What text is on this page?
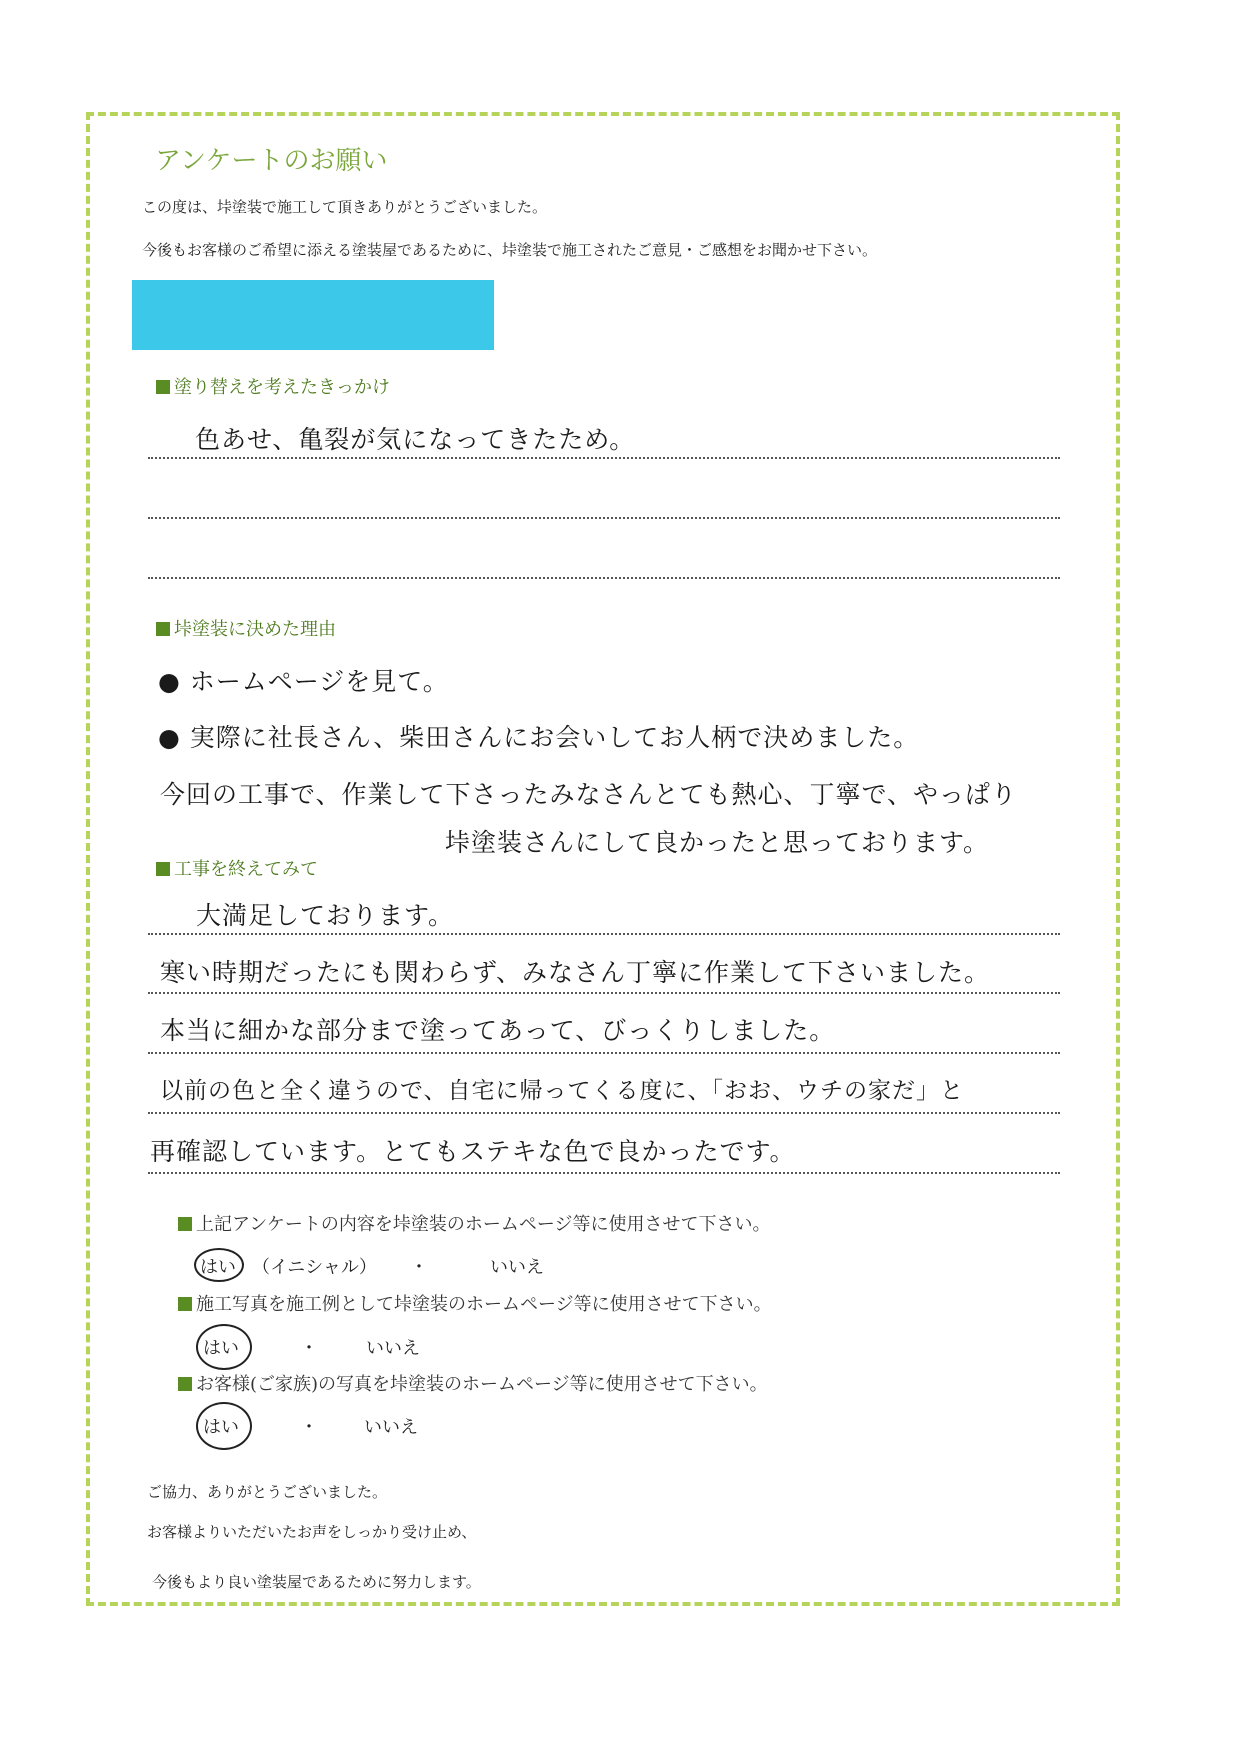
アンケートのお願い
この度は、垰塗装で施工して頂きありがとうございました。
今後もお客様のご希望に添える塗装屋であるために、垰塗装で施工されたご意見・ご感想をお聞かせ下さい。
塗り替えを考えたきっかけ
色あせ、亀裂が気になってきたため。
垰塗装に決めた理由
● ホームページを見て。
● 実際に社長さん、柴田さんにお会いしてお人柄で決めました。
今回の工事で、作業して下さったみなさんとても熱心、丁寧で、やっぱり
垰塗装さんにして良かったと思っております。
工事を終えてみて
大満足しております。
寒い時期だったにも関わらず、みなさん丁寧に作業して下さいました。
本当に細かな部分まで塗ってあって、びっくりしました。
以前の色と全く違うので、自宅に帰ってくる度に、「おお、ウチの家だ」と
再確認しています。とてもステキな色で良かったです。
上記アンケートの内容を垰塗装のホームページ等に使用させて下さい。
はい （イニシャル） ・	いいえ
施工写真を施工例として垰塗装のホームページ等に使用させて下さい。
はい	・	いいえ
お客様(ご家族)の写真を垰塗装のホームページ等に使用させて下さい。
はい	・	いいえ
ご協力、ありがとうございました。
お客様よりいただいたお声をしっかり受け止め、
今後もより良い塗装屋であるために努力します。
